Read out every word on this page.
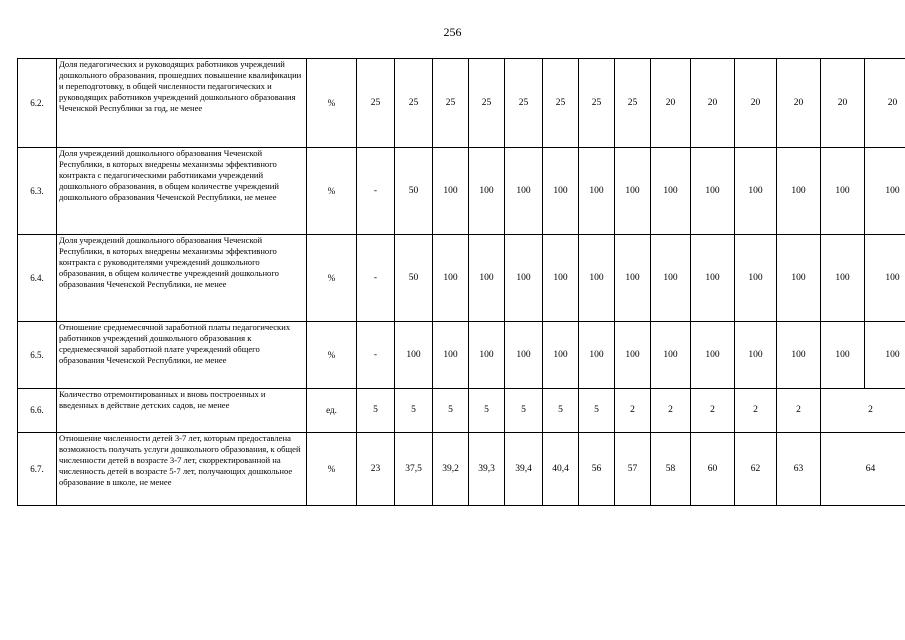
256
6.2.	Доля педагогических и руководящих работников учреждений дошкольного образования, прошедших повышение квалификации и переподготовку, в общей численности педагогических и руководящих работников учреждений дошкольного образования Чеченской Республики за год, не менее	%	25	25	25	25	25	25	25	25	20	20	20	20	20	20
6.3.	Доля учреждений дошкольного образования Чеченской Республики, в которых внедрены механизмы эффективного контракта с педагогическими работниками учреждений дошкольного образования, в общем количестве учреждений дошкольного образования Чеченской Республики, не менее	%	-	50	100	100	100	100	100	100	100	100	100	100	100	100
6.4.	Доля учреждений дошкольного образования Чеченской Республики, в которых внедрены механизмы эффективного контракта с руководителями учреждений дошкольного образования, в общем количестве учреждений дошкольного образования Чеченской Республики, не менее	%	-	50	100	100	100	100	100	100	100	100	100	100	100	100
6.5.	Отношение среднемесячной заработной платы педагогических работников учреждений дошкольного образования к среднемесячной заработной плате учреждений общего образования Чеченской Республики, не менее	%	-	100	100	100	100	100	100	100	100	100	100	100	100	100
6.6.	Количество отремонтированных и вновь построенных и введенных в действие детских садов, не менее	ед.	5	5	5	5	5	5	5	2	2	2	2	2	2	
6.7.	Отношение численности детей 3-7 лет, которым предоставлена возможность получать услуги дошкольного образования, к общей численности детей в возрасте 3-7 лет, скорректированной на численность детей в возрасте 5-7 лет, получающих дошкольное образование в школе, не менее	%	23	37,5	39,2	39,3	39,4	40,4	56	57	58	60	62	63	64	
